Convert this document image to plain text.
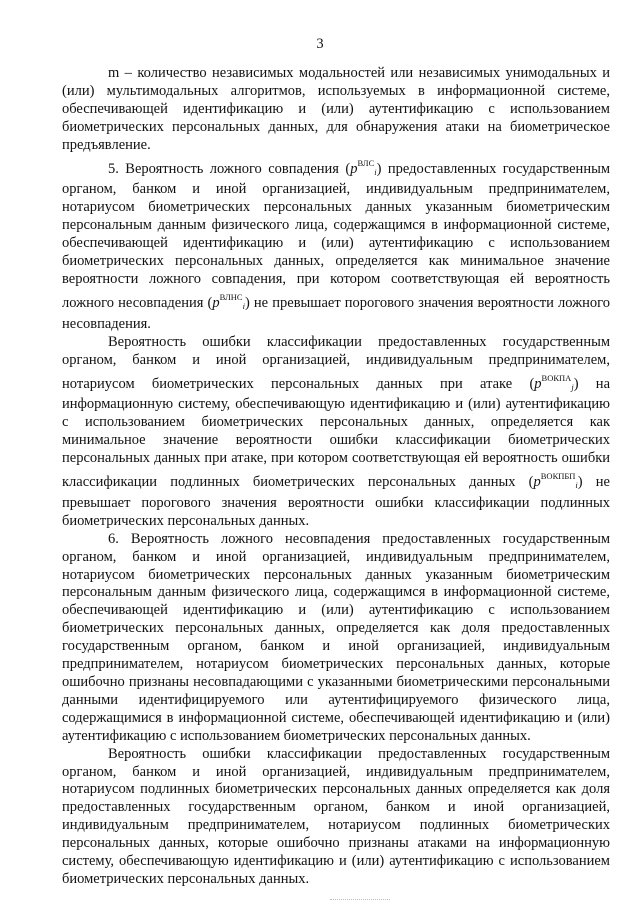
3

m – количество независимых модальностей или независимых унимодальных и (или) мультимодальных алгоритмов, используемых в информационной системе, обеспечивающей идентификацию и (или) аутентификацию с использованием биометрических персональных данных, для обнаружения атаки на биометрическое предъявление.

5. Вероятность ложного совпадения $(p^{ВЛС}_i)$ предоставленных государственным органом, банком и иной организацией, индивидуальным предпринимателем, нотариусом биометрических персональных данных указанным биометрическим персональным данным физического лица, содержащимся в информационной системе, обеспечивающей идентификацию и (или) аутентификацию с использованием биометрических персональных данных, определяется как минимальное значение вероятности ложного совпадения, при котором соответствующая ей вероятность ложного несовпадения $(p^{ВЛНС}_i)$ не превышает порогового значения вероятности ложного несовпадения.

Вероятность ошибки классификации предоставленных государственным органом, банком и иной организацией, индивидуальным предпринимателем, нотариусом биометрических персональных данных при атаке $(p^{ВОКПА}_j)$ на информационную систему, обеспечивающую идентификацию и (или) аутентификацию с использованием биометрических персональных данных, определяется как минимальное значение вероятности ошибки классификации биометрических персональных данных при атаке, при котором соответствующая ей вероятность ошибки классификации подлинных биометрических персональных данных $(p^{ВОКПБП}_i)$ не превышает порогового значения вероятности ошибки классификации подлинных биометрических персональных данных.

6. Вероятность ложного несовпадения предоставленных государственным органом, банком и иной организацией, индивидуальным предпринимателем, нотариусом биометрических персональных данных указанным биометрическим персональным данным физического лица, содержащимся в информационной системе, обеспечивающей идентификацию и (или) аутентификацию с использованием биометрических персональных данных, определяется как доля предоставленных государственным органом, банком и иной организацией, индивидуальным предпринимателем, нотариусом биометрических персональных данных, которые ошибочно признаны несовпадающими с указанными биометрическими персональными данными идентифицируемого или аутентифицируемого физического лица, содержащимися в информационной системе, обеспечивающей идентификацию и (или) аутентификацию с использованием биометрических персональных данных.

Вероятность ошибки классификации предоставленных государственным органом, банком и иной организацией, индивидуальным предпринимателем, нотариусом подлинных биометрических персональных данных определяется как доля предоставленных государственным органом, банком и иной организацией, индивидуальным предпринимателем, нотариусом подлинных биометрических персональных данных, которые ошибочно признаны атаками на информационную систему, обеспечивающую идентификацию и (или) аутентификацию с использованием биометрических персональных данных.
